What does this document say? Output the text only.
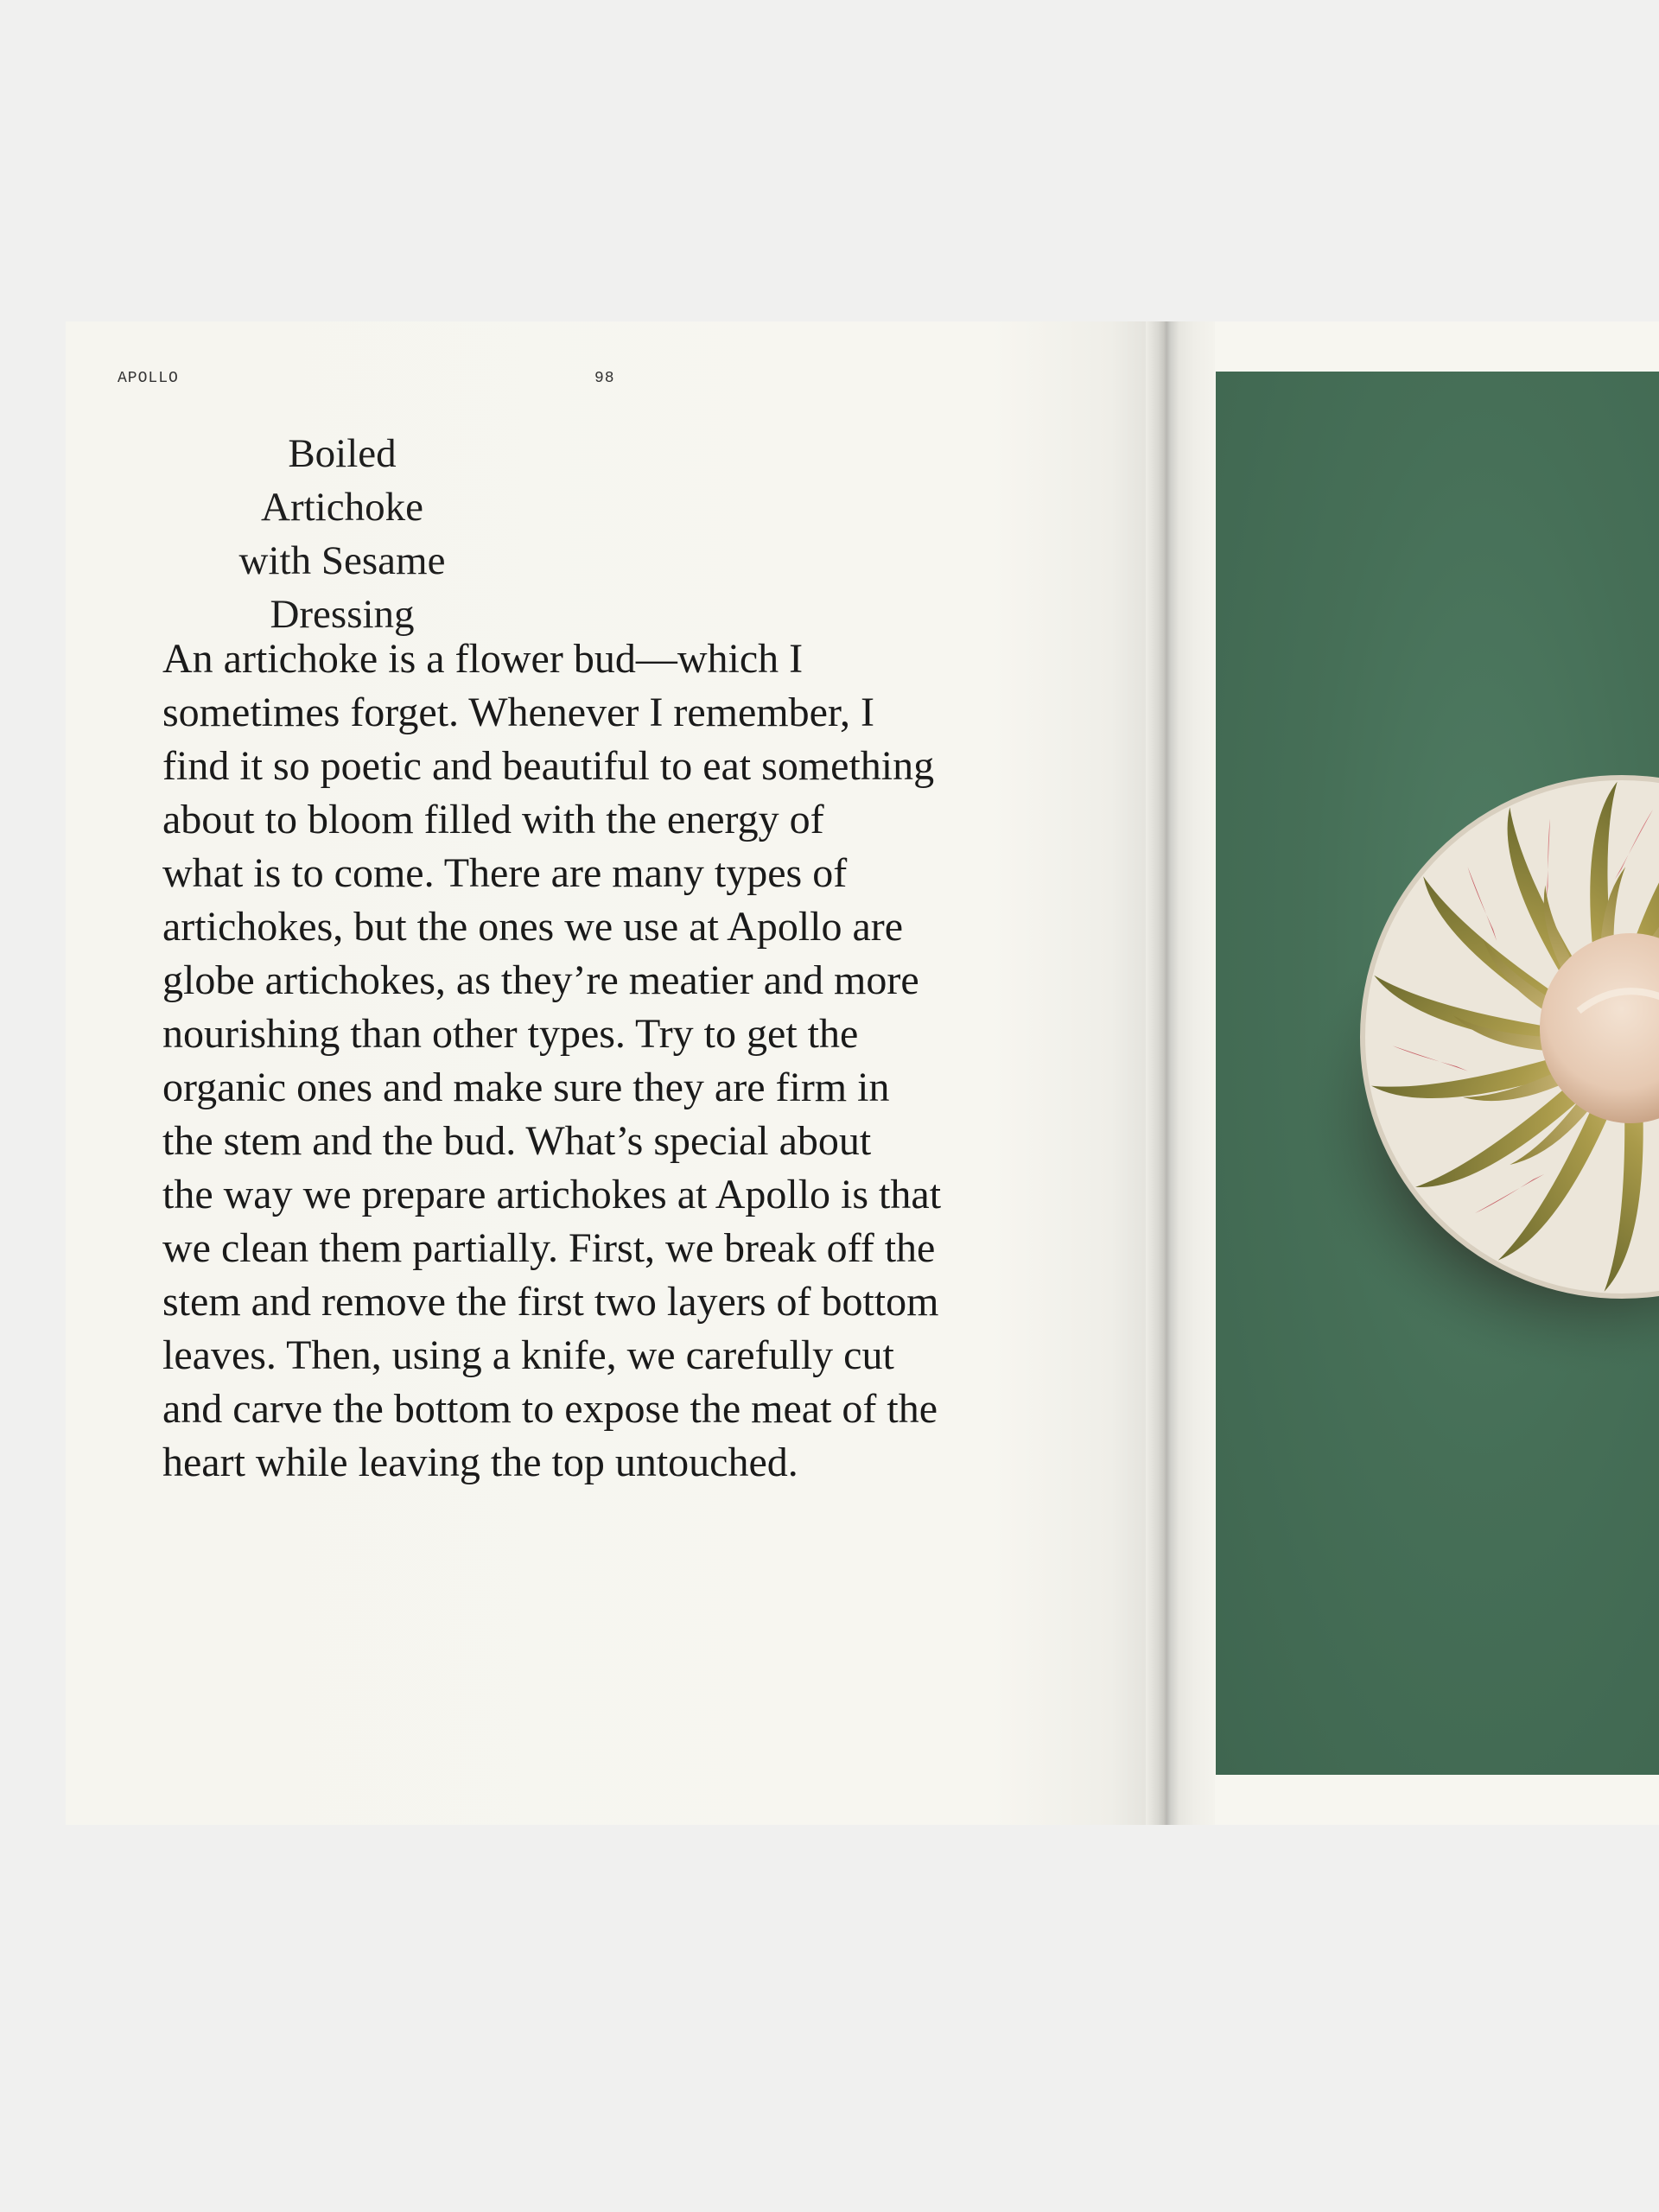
APOLLO	98
Boiled Artichoke
with Sesame
Dressing

An artichoke is a flower bud—which I
sometimes forget. Whenever I remember, I
find it so poetic and beautiful to eat something
about to bloom filled with the energy of
what is to come. There are many types of
artichokes, but the ones we use at Apollo are
globe artichokes, as they’re meatier and more
nourishing than other types. Try to get the
organic ones and make sure they are firm in
the stem and the bud. What’s special about
the way we prepare artichokes at Apollo is that
we clean them partially. First, we break off the
stem and remove the first two layers of bottom
leaves. Then, using a knife, we carefully cut
and carve the bottom to expose the meat of the
heart while leaving the top untouched.
